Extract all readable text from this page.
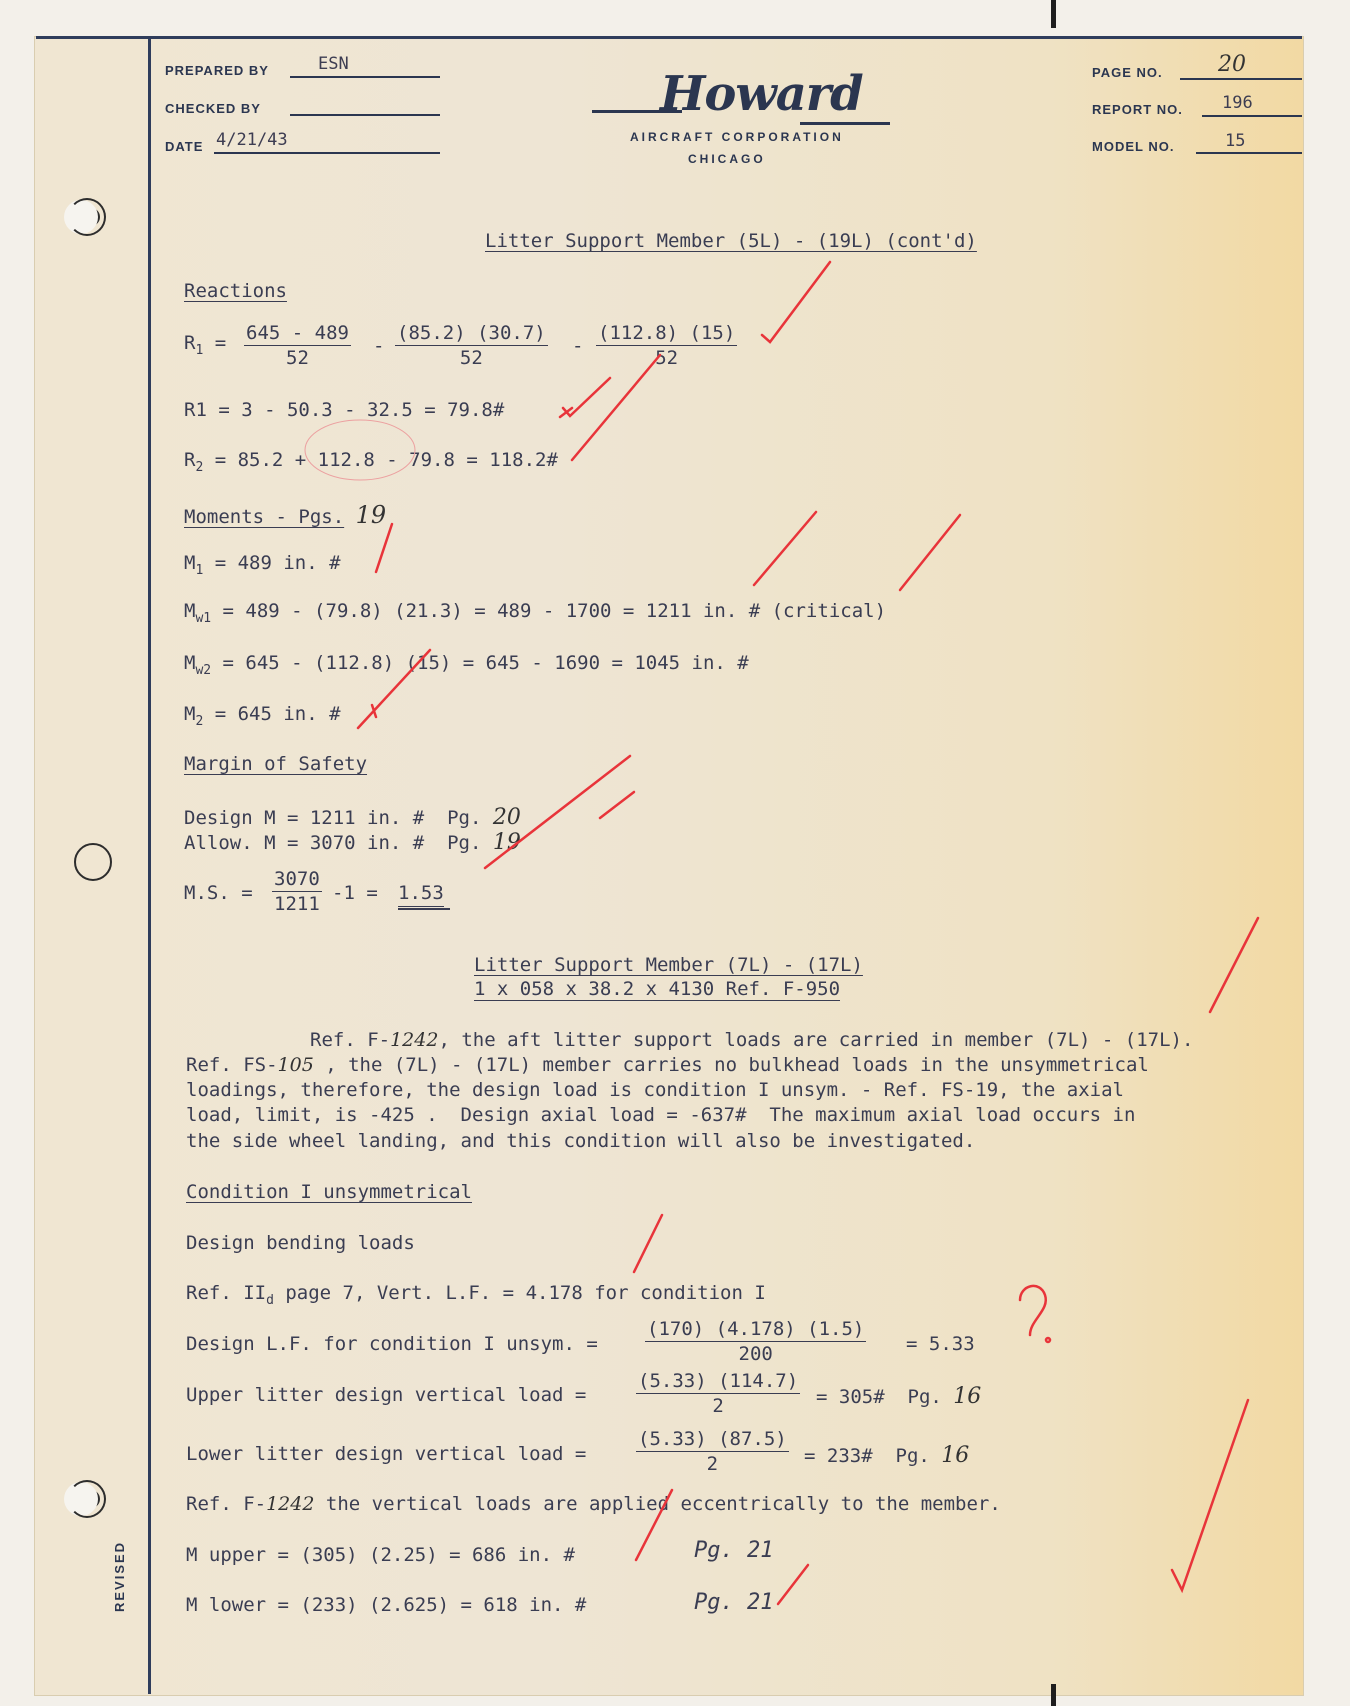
PREPARED BY	ESN
CHECKED BY
DATE 4/21/43
Howard
AIRCRAFT CORPORATION
CHICAGO
PAGE NO.	20
REPORT NO. 196
MODEL NO.	15
Litter Support Member (5L) - (19L) (cont'd)
Reactions
$R_1 = \frac{645 - 489}{52} - \frac{(85.2) (30.7)}{52} - \frac{(112.8) (15)}{52}$
R1 = 3 - 50.3 - 32.5 = 79.8#
$R_2 = 85.2 + 112.8 - 79.8$ = 118.2#
Moments - Pgs. 19
$M_1 = 489$ in. #
$M_{w1} = 489 - (79.8) (21.3) = 489 - 1700 = 1211$ in. # (critical)
$M_{w2} = 645 - (112.8) (15) = 645 - 1690 = 1045$ in. #
$M_2 = 645$ in. #
Margin of Safety
Design M = 1211 in. #  Pg. 20
Allow. M = 3070 in. #  Pg. 19
M.S. = $\frac{3070}{1211} -1 = 1.53$
Litter Support Member (7L) - (17L)
1 x 058 x 38.2 x 4130 Ref. F-950
Ref. F-1242, the aft litter support loads are carried in member (7L) - (17L).
Ref. FS-105 , the (7L) - (17L) member carries no bulkhead loads in the unsymmetrical
loadings, therefore, the design load is condition I unsym. - Ref. FS-19, the axial
load, limit, is -425 .  Design axial load = -637#  The maximum axial load occurs in
the side wheel landing, and this condition will also be investigated.
Condition I unsymmetrical
Design bending loads
Ref. $II_d$ page 7, Vert. L.F. = 4.178 for condition I
Design L.F. for condition I unsym. = $\frac{(170) (4.178) (1.5)}{200} = 5.33$
Upper litter design vertical load =	$\frac{(5.33) (114.7)}{2}$ = 305#  Pg. 16
Lower litter design vertical load =	$\frac{(5.33) (87.5)}{2}$ = 233#  Pg. 16
Ref. F-1242 the vertical loads are applied eccentrically to the member.
M upper = (305) (2.25) = 686 in. #	Pg. 21
M lower = (233) (2.625) = 618 in. #	Pg. 21
REVISED
